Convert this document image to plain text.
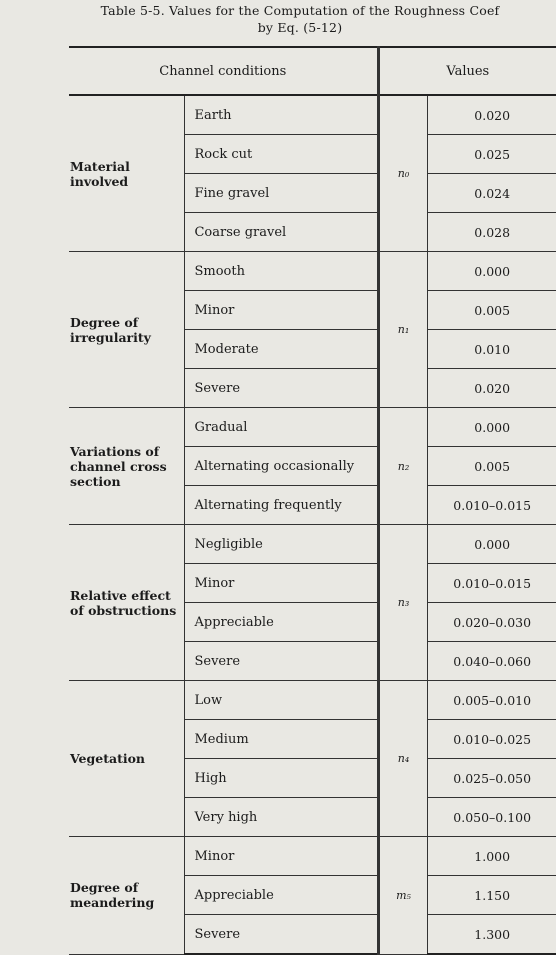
Table 5-5. Values for the Computation of the Roughness Coef
by Eq. (5-12)
Channel conditions		Values	

Material involved	Earth	n₀	0.020
	Rock cut		0.025
	Fine gravel		0.024
	Coarse gravel		0.028

Degree of irregularity	Smooth	n₁	0.000
	Minor		0.005
	Moderate		0.010
	Severe		0.020

Variations of channel cross section	Gradual	n₂	0.000
	Alternating occasionally		0.005
	Alternating frequently		0.010–0.015

Relative effect of obstructions	Negligible	n₃	0.000
	Minor		0.010–0.015
	Appreciable		0.020–0.030
	Severe		0.040–0.060

Vegetation	Low	n₄	0.005–0.010
	Medium		0.010–0.025
	High		0.025–0.050
	Very high		0.050–0.100

Degree of meandering	Minor	m₅	1.000
	Appreciable		1.150
	Severe		1.300
